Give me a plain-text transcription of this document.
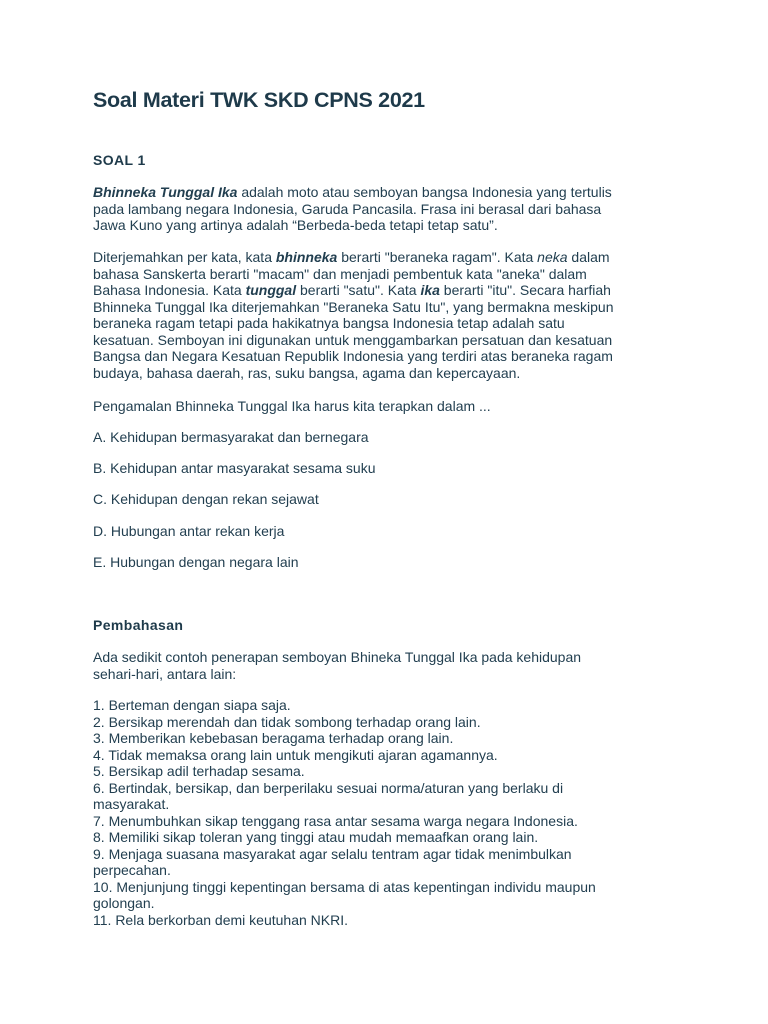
Soal Materi TWK SKD CPNS 2021
SOAL 1

Bhinneka Tunggal Ika adalah moto atau semboyan bangsa Indonesia yang tertulis
pada lambang negara Indonesia, Garuda Pancasila. Frasa ini berasal dari bahasa
Jawa Kuno yang artinya adalah “Berbeda-beda tetapi tetap satu”.

Diterjemahkan per kata, kata bhinneka berarti "beraneka ragam". Kata neka dalam
bahasa Sanskerta berarti "macam" dan menjadi pembentuk kata "aneka" dalam
Bahasa Indonesia. Kata tunggal berarti "satu". Kata ika berarti "itu". Secara harfiah
Bhinneka Tunggal Ika diterjemahkan "Beraneka Satu Itu", yang bermakna meskipun
beraneka ragam tetapi pada hakikatnya bangsa Indonesia tetap adalah satu
kesatuan. Semboyan ini digunakan untuk menggambarkan persatuan dan kesatuan
Bangsa dan Negara Kesatuan Republik Indonesia yang terdiri atas beraneka ragam
budaya, bahasa daerah, ras, suku bangsa, agama dan kepercayaan.

Pengamalan Bhinneka Tunggal Ika harus kita terapkan dalam ...

A. Kehidupan bermasyarakat dan bernegara

B. Kehidupan antar masyarakat sesama suku

C. Kehidupan dengan rekan sejawat

D. Hubungan antar rekan kerja

E. Hubungan dengan negara lain

Pembahasan

Ada sedikit contoh penerapan semboyan Bhineka Tunggal Ika pada kehidupan
sehari-hari, antara lain:

1. Berteman dengan siapa saja.
2. Bersikap merendah dan tidak sombong terhadap orang lain.
3. Memberikan kebebasan beragama terhadap orang lain.
4. Tidak memaksa orang lain untuk mengikuti ajaran agamannya.
5. Bersikap adil terhadap sesama.
6. Bertindak, bersikap, dan berperilaku sesuai norma/aturan yang berlaku di
masyarakat.
7. Menumbuhkan sikap tenggang rasa antar sesama warga negara Indonesia.
8. Memiliki sikap toleran yang tinggi atau mudah memaafkan orang lain.
9. Menjaga suasana masyarakat agar selalu tentram agar tidak menimbulkan
perpecahan.
10. Menjunjung tinggi kepentingan bersama di atas kepentingan individu maupun
golongan.
11. Rela berkorban demi keutuhan NKRI.
